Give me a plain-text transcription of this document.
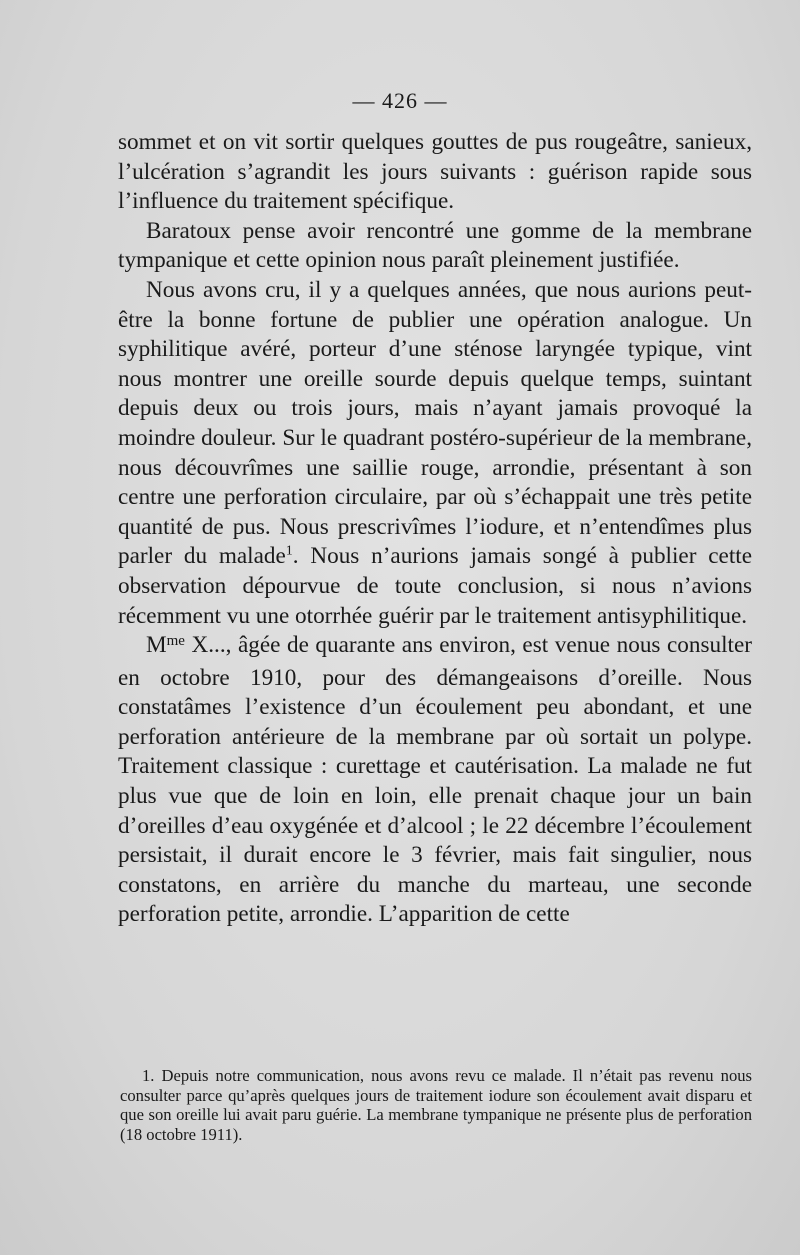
— 426 —

sommet et on vit sortir quelques gouttes de pus rougeâtre, sanieux, l’ulcération s’agrandit les jours suivants : guérison rapide sous l’influence du traitement spécifique.

Baratoux pense avoir rencontré une gomme de la membrane tympanique et cette opinion nous paraît pleinement justifiée.

Nous avons cru, il y a quelques années, que nous aurions peut-être la bonne fortune de publier une opération analogue. Un syphilitique avéré, porteur d’une sténose laryngée typique, vint nous montrer une oreille sourde depuis quelque temps, suintant depuis deux ou trois jours, mais n’ayant jamais provoqué la moindre douleur. Sur le quadrant postéro-supérieur de la membrane, nous découvrîmes une saillie rouge, arrondie, présentant à son centre une perforation circulaire, par où s’échappait une très petite quantité de pus. Nous prescrivîmes l’iodure, et n’entendîmes plus parler du malade$^1$. Nous n’aurions jamais songé à publier cette observation dépourvue de toute conclusion, si nous n’avions récemment vu une otorrhée guérir par le traitement antisyphilitique.

$M^{me}$ X..., âgée de quarante ans environ, est venue nous consulter en octobre 1910, pour des démangeaisons d’oreille. Nous constatâmes l’existence d’un écoulement peu abondant, et une perforation antérieure de la membrane par où sortait un polype. Traitement classique : curettage et cautérisation. La malade ne fut plus vue que de loin en loin, elle prenait chaque jour un bain d’oreilles d’eau oxygénée et d’alcool ; le 22 décembre l’écoulement persistait, il durait encore le 3 février, mais fait singulier, nous constatons, en arrière du manche du marteau, une seconde perforation petite, arrondie. L’apparition de cette

1. Depuis notre communication, nous avons revu ce malade. Il n’était pas revenu nous consulter parce qu’après quelques jours de traitement iodure son écoulement avait disparu et que son oreille lui avait paru guérie. La membrane tympanique ne présente plus de perforation (18 octobre 1911).
